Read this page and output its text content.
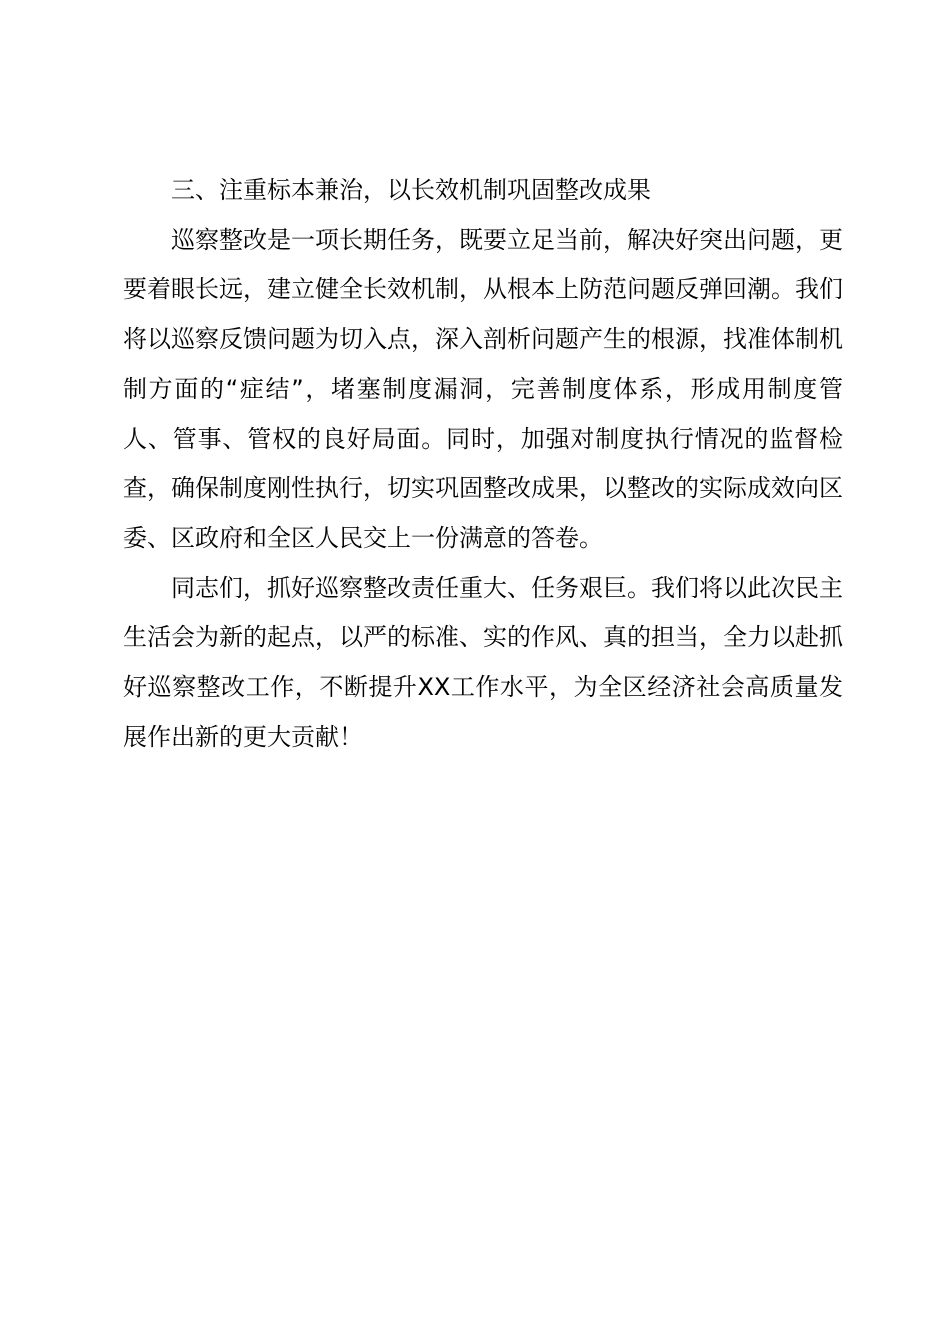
三、注重标本兼治，以长效机制巩固整改成果

巡察整改是一项长期任务，既要立足当前，解决好突出问题，更要着眼长远，建立健全长效机制，从根本上防范问题反弹回潮。我们将以巡察反馈问题为切入点，深入剖析问题产生的根源，找准体制机制方面的“症结”，堵塞制度漏洞，完善制度体系，形成用制度管人、管事、管权的良好局面。同时，加强对制度执行情况的监督检查，确保制度刚性执行，切实巩固整改成果，以整改的实际成效向区委、区政府和全区人民交上一份满意的答卷。

同志们，抓好巡察整改责任重大、任务艰巨。我们将以此次民主生活会为新的起点，以严的标准、实的作风、真的担当，全力以赴抓好巡察整改工作，不断提升XX工作水平，为全区经济社会高质量发展作出新的更大贡献！
